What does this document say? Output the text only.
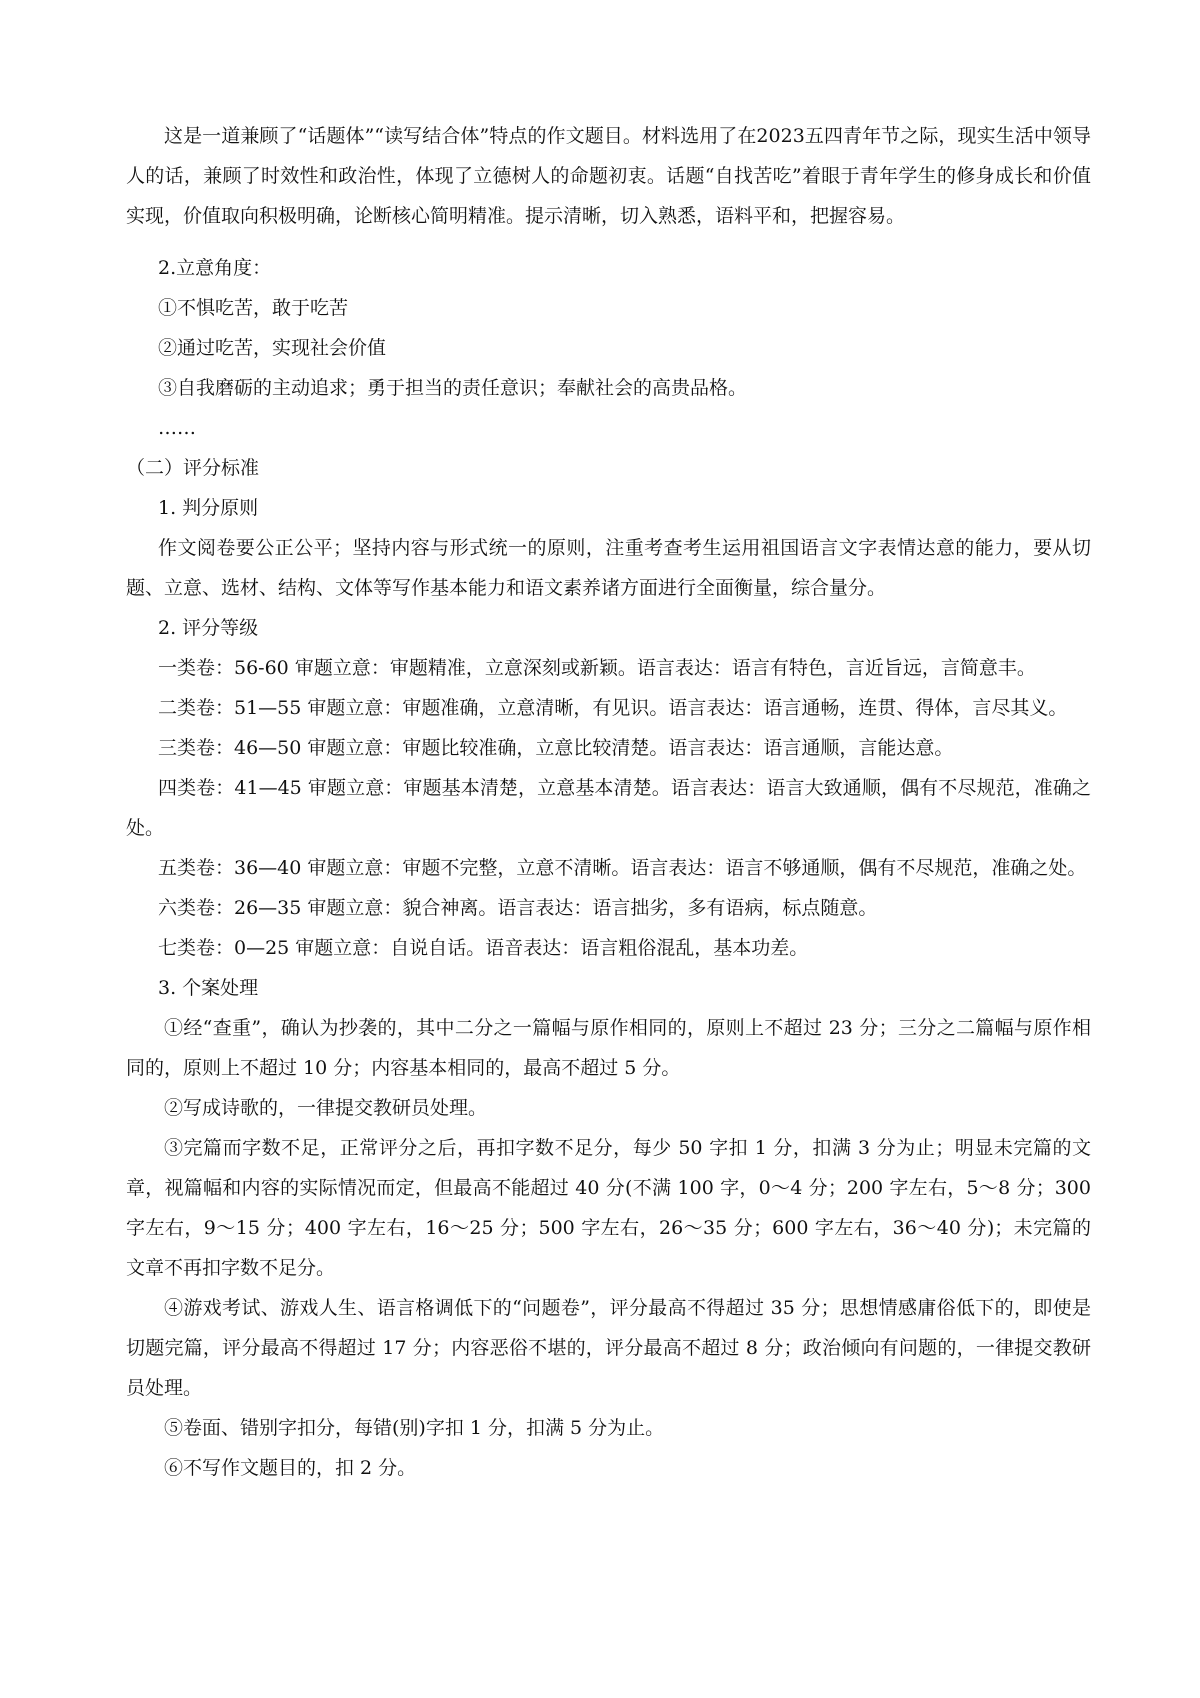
这是一道兼顾了“话题体”“读写结合体”特点的作文题目。材料选用了在2023五四青年节之际，现实生活中领导人的话，兼顾了时效性和政治性，体现了立德树人的命题初衷。话题“自找苦吃”着眼于青年学生的修身成长和价值实现，价值取向积极明确，论断核心简明精准。提示清晰，切入熟悉，语料平和，把握容易。

2.立意角度：
①不惧吃苦，敢于吃苦
②通过吃苦，实现社会价值
③自我磨砺的主动追求；勇于担当的责任意识；奉献社会的高贵品格。
……
（二）评分标准
1. 判分原则

作文阅卷要公正公平；坚持内容与形式统一的原则，注重考查考生运用祖国语言文字表情达意的能力，要从切题、立意、选材、结构、文体等写作基本能力和语文素养诸方面进行全面衡量，综合量分。

2. 评分等级

一类卷：56-60 审题立意：审题精准，立意深刻或新颖。语言表达：语言有特色，言近旨远，言简意丰。

二类卷：51—55 审题立意：审题准确，立意清晰，有见识。语言表达：语言通畅，连贯、得体，言尽其义。

三类卷：46—50 审题立意：审题比较准确，立意比较清楚。语言表达：语言通顺，言能达意。

四类卷：41—45 审题立意：审题基本清楚，立意基本清楚。语言表达：语言大致通顺，偶有不尽规范，准确之处。

五类卷：36—40 审题立意：审题不完整，立意不清晰。语言表达：语言不够通顺，偶有不尽规范，准确之处。

六类卷：26—35 审题立意：貌合神离。语言表达：语言拙劣，多有语病，标点随意。

七类卷：0—25 审题立意：自说自话。语音表达：语言粗俗混乱，基本功差。

3. 个案处理

①经“查重”，确认为抄袭的，其中二分之一篇幅与原作相同的，原则上不超过 23 分；三分之二篇幅与原作相同的，原则上不超过 10 分；内容基本相同的，最高不超过 5 分。

②写成诗歌的，一律提交教研员处理。

③完篇而字数不足，正常评分之后，再扣字数不足分，每少 50 字扣 1 分，扣满 3 分为止；明显未完篇的文章，视篇幅和内容的实际情况而定，但最高不能超过 40 分(不满 100 字，0～4 分；200 字左右，5～8 分；300 字左右，9～15 分；400 字左右，16～25 分；500 字左右，26～35 分；600 字左右，36～40 分)；未完篇的文章不再扣字数不足分。

④游戏考试、游戏人生、语言格调低下的“问题卷”，评分最高不得超过 35 分；思想情感庸俗低下的，即使是切题完篇，评分最高不得超过 17 分；内容恶俗不堪的，评分最高不超过 8 分；政治倾向有问题的，一律提交教研员处理。

⑤卷面、错别字扣分，每错(别)字扣 1 分，扣满 5 分为止。

⑥不写作文题目的，扣 2 分。
